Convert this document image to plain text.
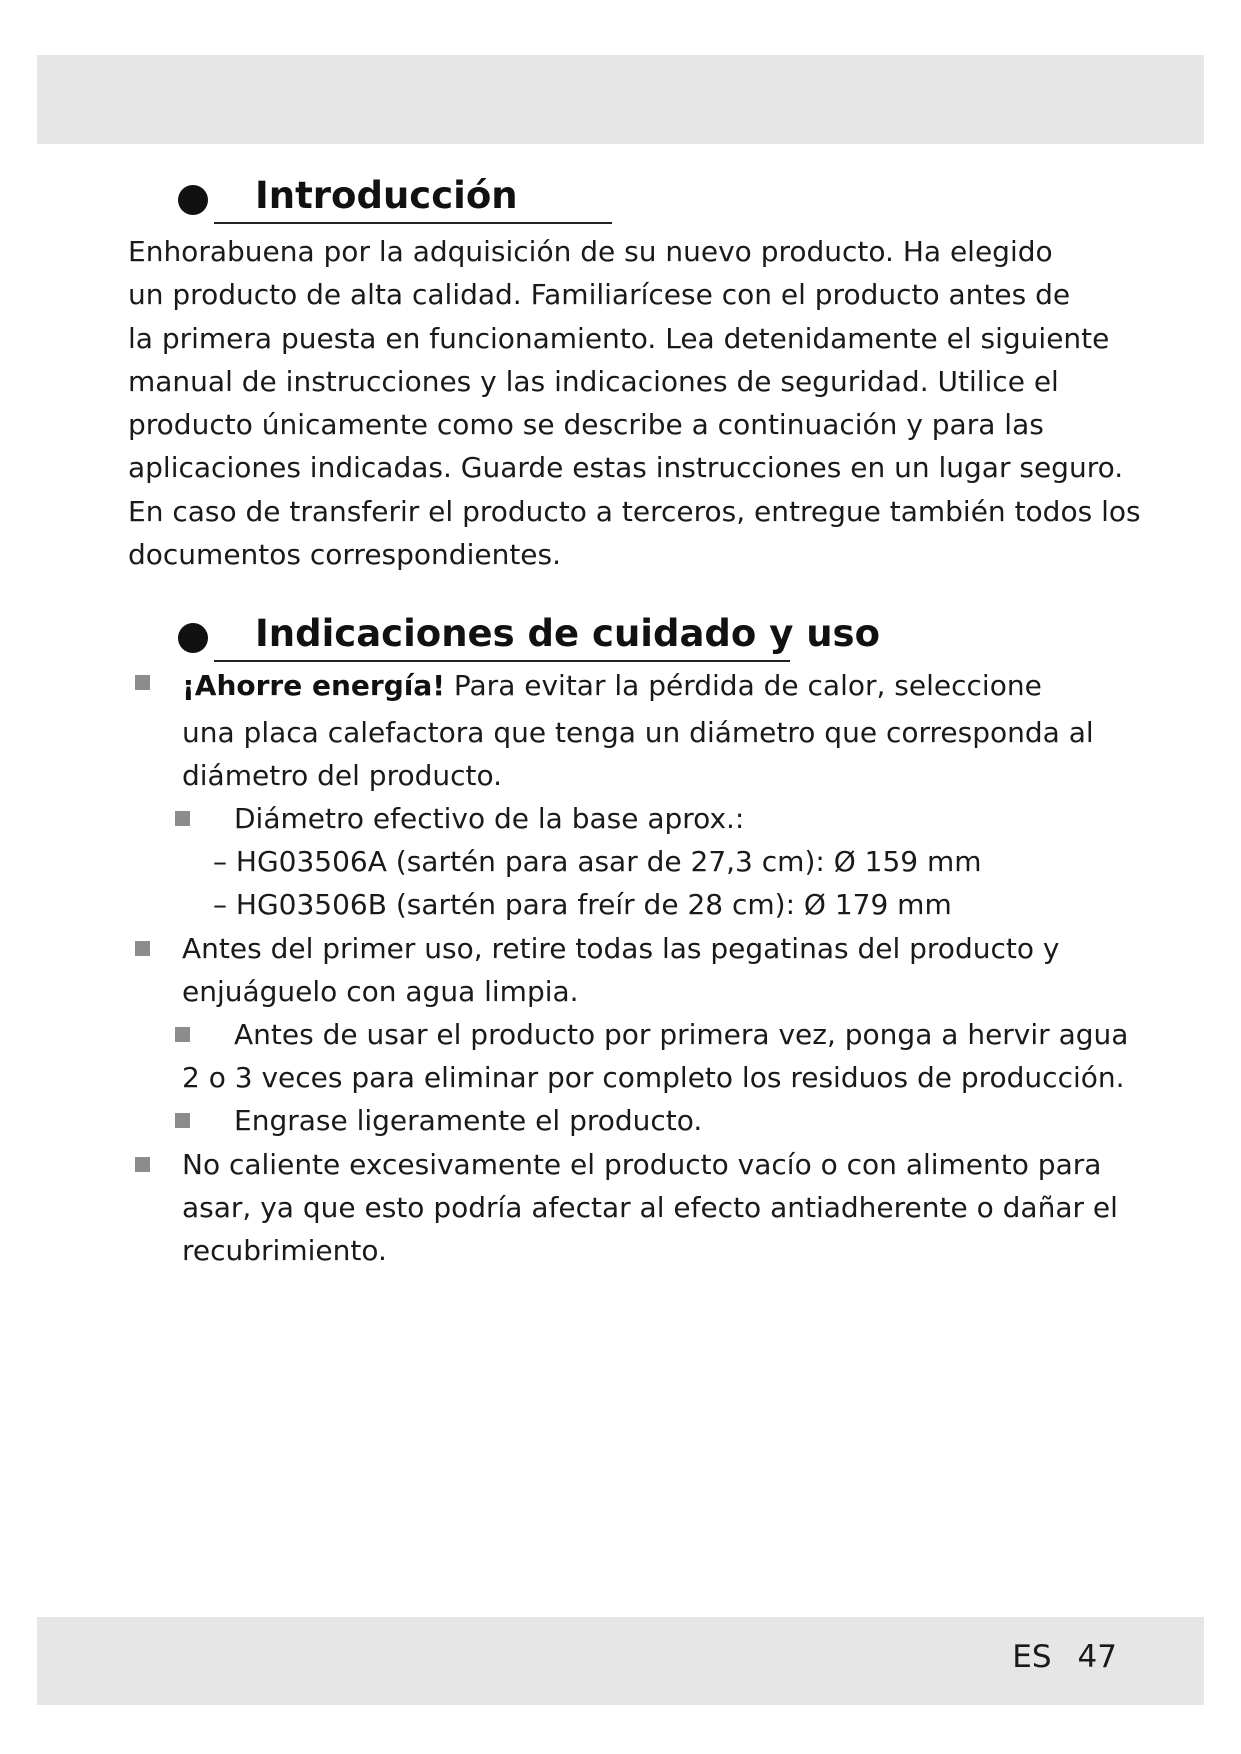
Introducción
Enhorabuena por la adquisición de su nuevo producto. Ha elegido
un producto de alta calidad. Familiarícese con el producto antes de
la primera puesta en funcionamiento. Lea detenidamente el siguiente
manual de instrucciones y las indicaciones de seguridad. Utilice el
producto únicamente como se describe a continuación y para las
aplicaciones indicadas. Guarde estas instrucciones en un lugar seguro.
En caso de transferir el producto a terceros, entregue también todos los
documentos correspondientes.
Indicaciones de cuidado y uso
¡Ahorre energía! Para evitar la pérdida de calor, seleccione
una placa calefactora que tenga un diámetro que corresponda al
diámetro del producto.
Diámetro efectivo de la base aprox.:
– HG03506A (sartén para asar de 27,3 cm): Ø 159 mm
– HG03506B (sartén para freír de 28 cm): Ø 179 mm
Antes del primer uso, retire todas las pegatinas del producto y
enjuáguelo con agua limpia.
Antes de usar el producto por primera vez, ponga a hervir agua
2 o 3 veces para eliminar por completo los residuos de producción.
Engrase ligeramente el producto.
No caliente excesivamente el producto vacío o con alimento para
asar, ya que esto podría afectar al efecto antiadherente o dañar el
recubrimiento.
ES 47
